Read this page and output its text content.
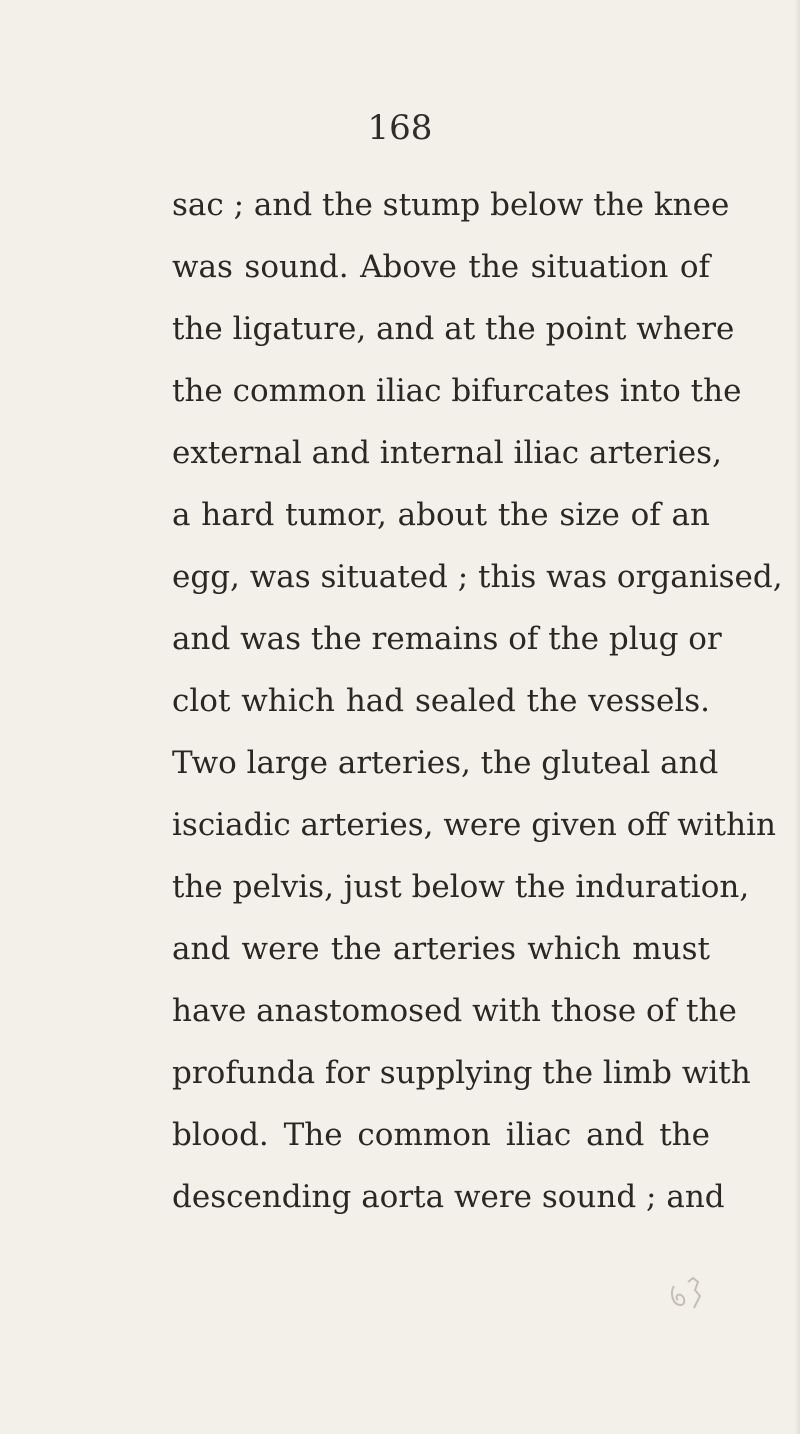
168
sac ; and the stump below the knee
was sound. Above the situation of
the ligature, and at the point where
the common iliac bifurcates into the
external and internal iliac arteries,
a hard tumor, about the size of an
egg, was situated ; this was organised,
and was the remains of the plug or
clot which had sealed the vessels.
Two large arteries, the gluteal and
isciadic arteries, were given off within
the pelvis, just below the induration,
and were the arteries which must
have anastomosed with those of the
profunda for supplying the limb with
blood. The common iliac and the
descending aorta were sound ; and
